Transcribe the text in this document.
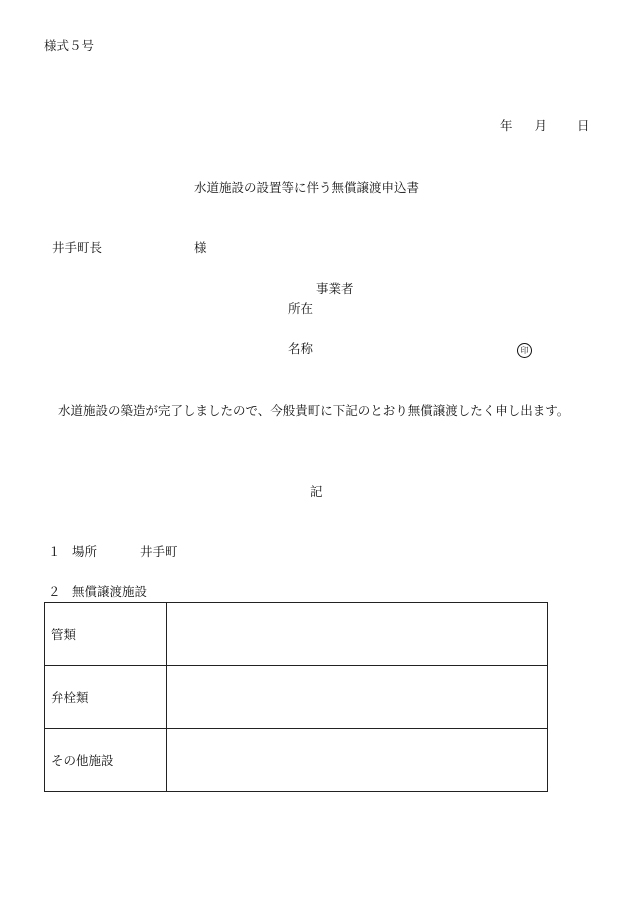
様式５号
年 月 日
水道施設の設置等に伴う無償譲渡申込書
井手町長	様
事業者
所在
名称	印
水道施設の築造が完了しましたので、今般貴町に下記のとおり無償譲渡したく申し出ます。
記
１ 場所	井手町
２ 無償譲渡施設
管類	
弁栓類	
その他施設	
